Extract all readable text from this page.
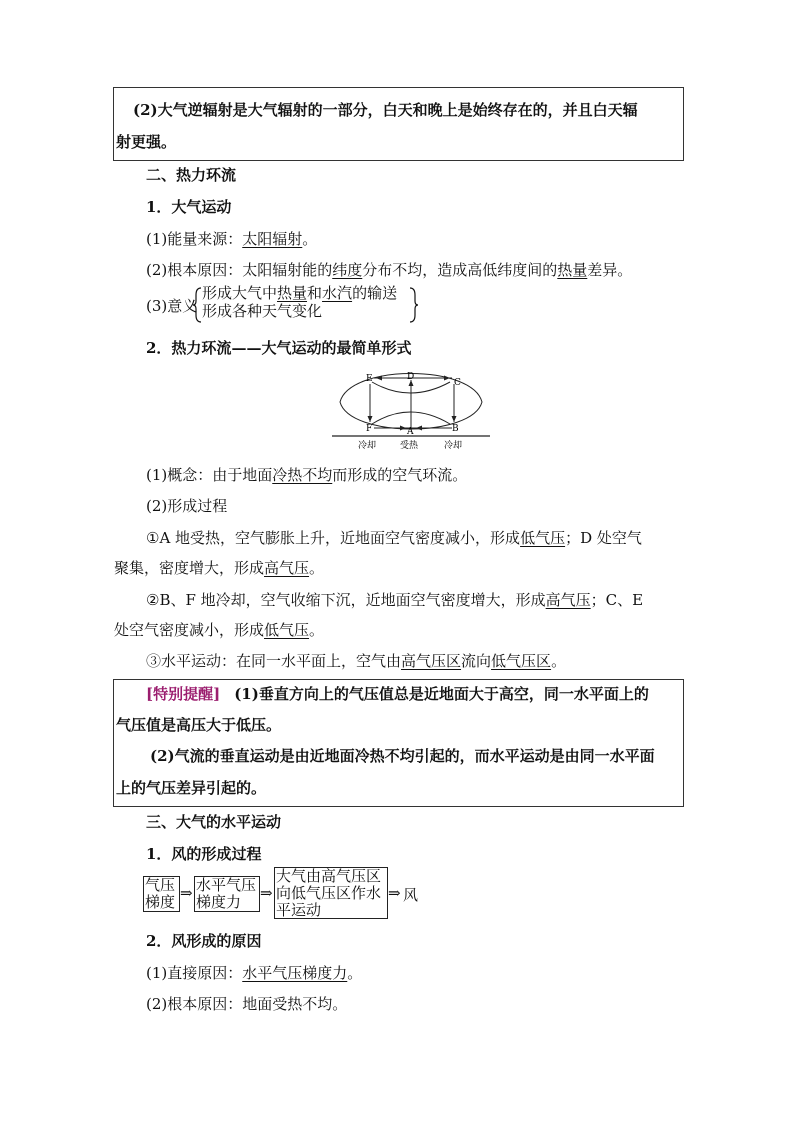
(2)大气逆辐射是大气辐射的一部分，白天和晚上是始终存在的，并且白天辐
射更强。
二、热力环流
1．大气运动
(1)能量来源：太阳辐射。
(2)根本原因：太阳辐射能的纬度分布不均，造成高低纬度间的热量差异。
(3)意义
形成大气中热量和水汽的输送
形成各种天气变化
2．热力环流——大气运动的最简单形式
E	D
C
F	A	B
冷却	受热	冷却
(1)概念：由于地面冷热不均而形成的空气环流。
(2)形成过程
①A 地受热，空气膨胀上升，近地面空气密度减小，形成低气压；D 处空气
聚集，密度增大，形成高气压。
②B、F 地冷却，空气收缩下沉，近地面空气密度增大，形成高气压；C、E
处空气密度减小，形成低气压。
③水平运动：在同一水平面上，空气由高气压区流向低气压区。
[特别提醒] (1)垂直方向上的气压值总是近地面大于高空，同一水平面上的
气压值是高压大于低压。
(2)气流的垂直运动是由近地面冷热不均引起的，而水平运动是由同一水平面
上的气压差异引起的。
三、大气的水平运动
1．风的形成过程
气压
梯度 ⇒ 水平气压
梯度力	⇒
大气由高气压区
向低气压区作水
平运动
⇒ 风
2．风形成的原因
(1)直接原因：水平气压梯度力。
(2)根本原因：地面受热不均。
